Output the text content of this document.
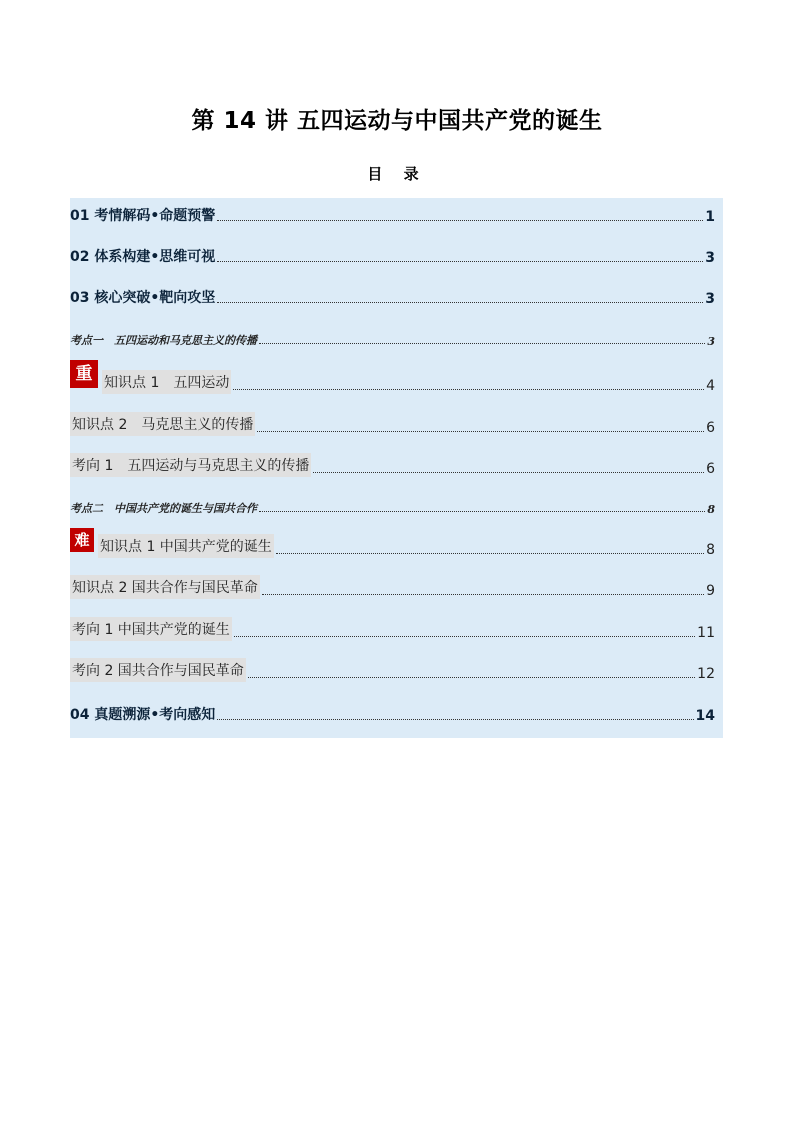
第 14 讲 五四运动与中国共产党的诞生
目 录
01 考情解码•命题预警	1
02 体系构建•思维可视	3
03 核心突破•靶向攻坚	3
考点一　五四运动和马克思主义的传播	3
重 知识点 1　五四运动	4
知识点 2　马克思主义的传播	6
考向 1　五四运动与马克思主义的传播	6
考点二　中国共产党的诞生与国共合作	8
难 知识点 1 中国共产党的诞生	8
知识点 2 国共合作与国民革命	9
考向 1 中国共产党的诞生	11
考向 2 国共合作与国民革命	12
04 真题溯源•考向感知	14
